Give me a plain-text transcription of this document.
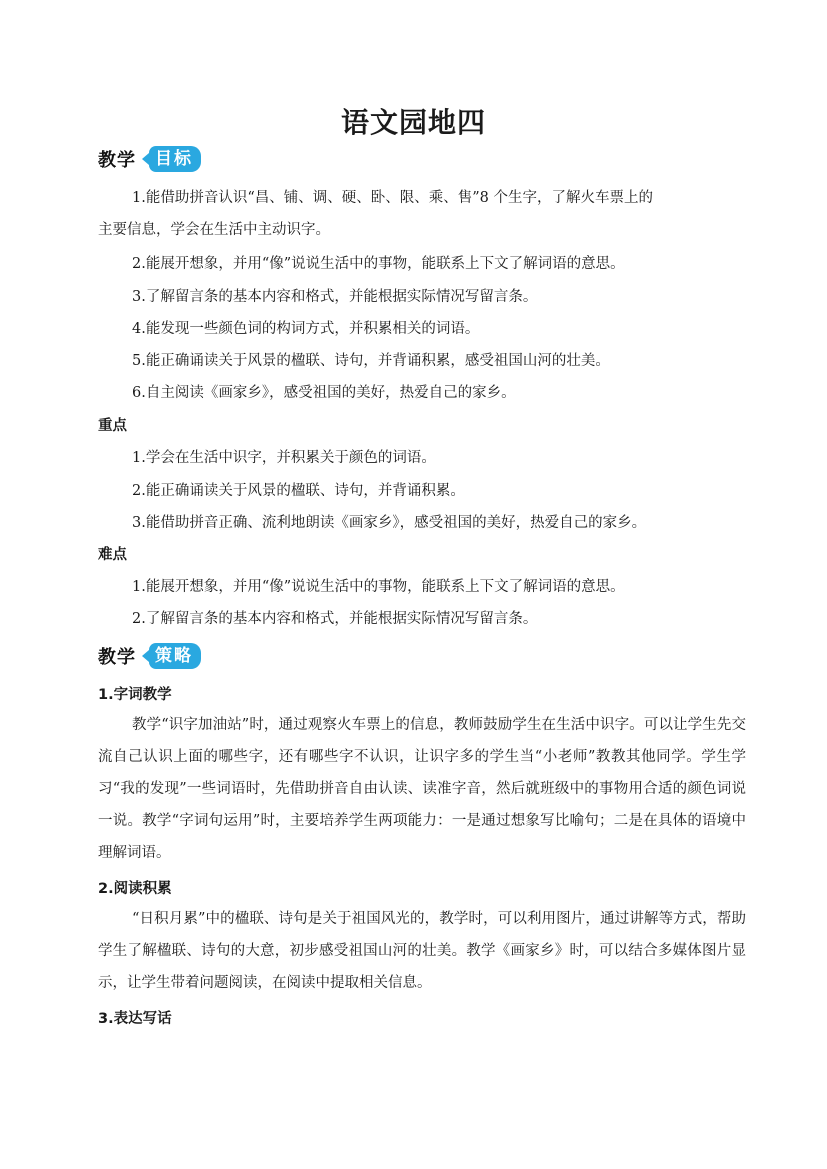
语文园地四
教学	目标
1.能借助拼音认识“昌、铺、调、硬、卧、限、乘、售”8 个生字，了解火车票上的
主要信息，学会在生活中主动识字。
2.能展开想象，并用“像”说说生活中的事物，能联系上下文了解词语的意思。
3.了解留言条的基本内容和格式，并能根据实际情况写留言条。
4.能发现一些颜色词的构词方式，并积累相关的词语。
5.能正确诵读关于风景的楹联、诗句，并背诵积累，感受祖国山河的壮美。
6.自主阅读《画家乡》，感受祖国的美好，热爱自己的家乡。
重点
1.学会在生活中识字，并积累关于颜色的词语。
2.能正确诵读关于风景的楹联、诗句，并背诵积累。
3.能借助拼音正确、流利地朗读《画家乡》，感受祖国的美好，热爱自己的家乡。
难点
1.能展开想象，并用“像”说说生活中的事物，能联系上下文了解词语的意思。
2.了解留言条的基本内容和格式，并能根据实际情况写留言条。
教学	策略
1.字词教学
教学“识字加油站”时，通过观察火车票上的信息，教师鼓励学生在生活中识字。可以让学生先交流自己认识上面的哪些字，还有哪些字不认识，让识字多的学生当“小老师”教教其他同学。学生学习“我的发现”一些词语时，先借助拼音自由认读、读准字音，然后就班级中的事物用合适的颜色词说一说。教学“字词句运用”时，主要培养学生两项能力：一是通过想象写比喻句；二是在具体的语境中理解词语。
2.阅读积累
“日积月累”中的楹联、诗句是关于祖国风光的，教学时，可以利用图片，通过讲解等方式，帮助学生了解楹联、诗句的大意，初步感受祖国山河的壮美。教学《画家乡》时，可以结合多媒体图片显示，让学生带着问题阅读，在阅读中提取相关信息。
3.表达写话
